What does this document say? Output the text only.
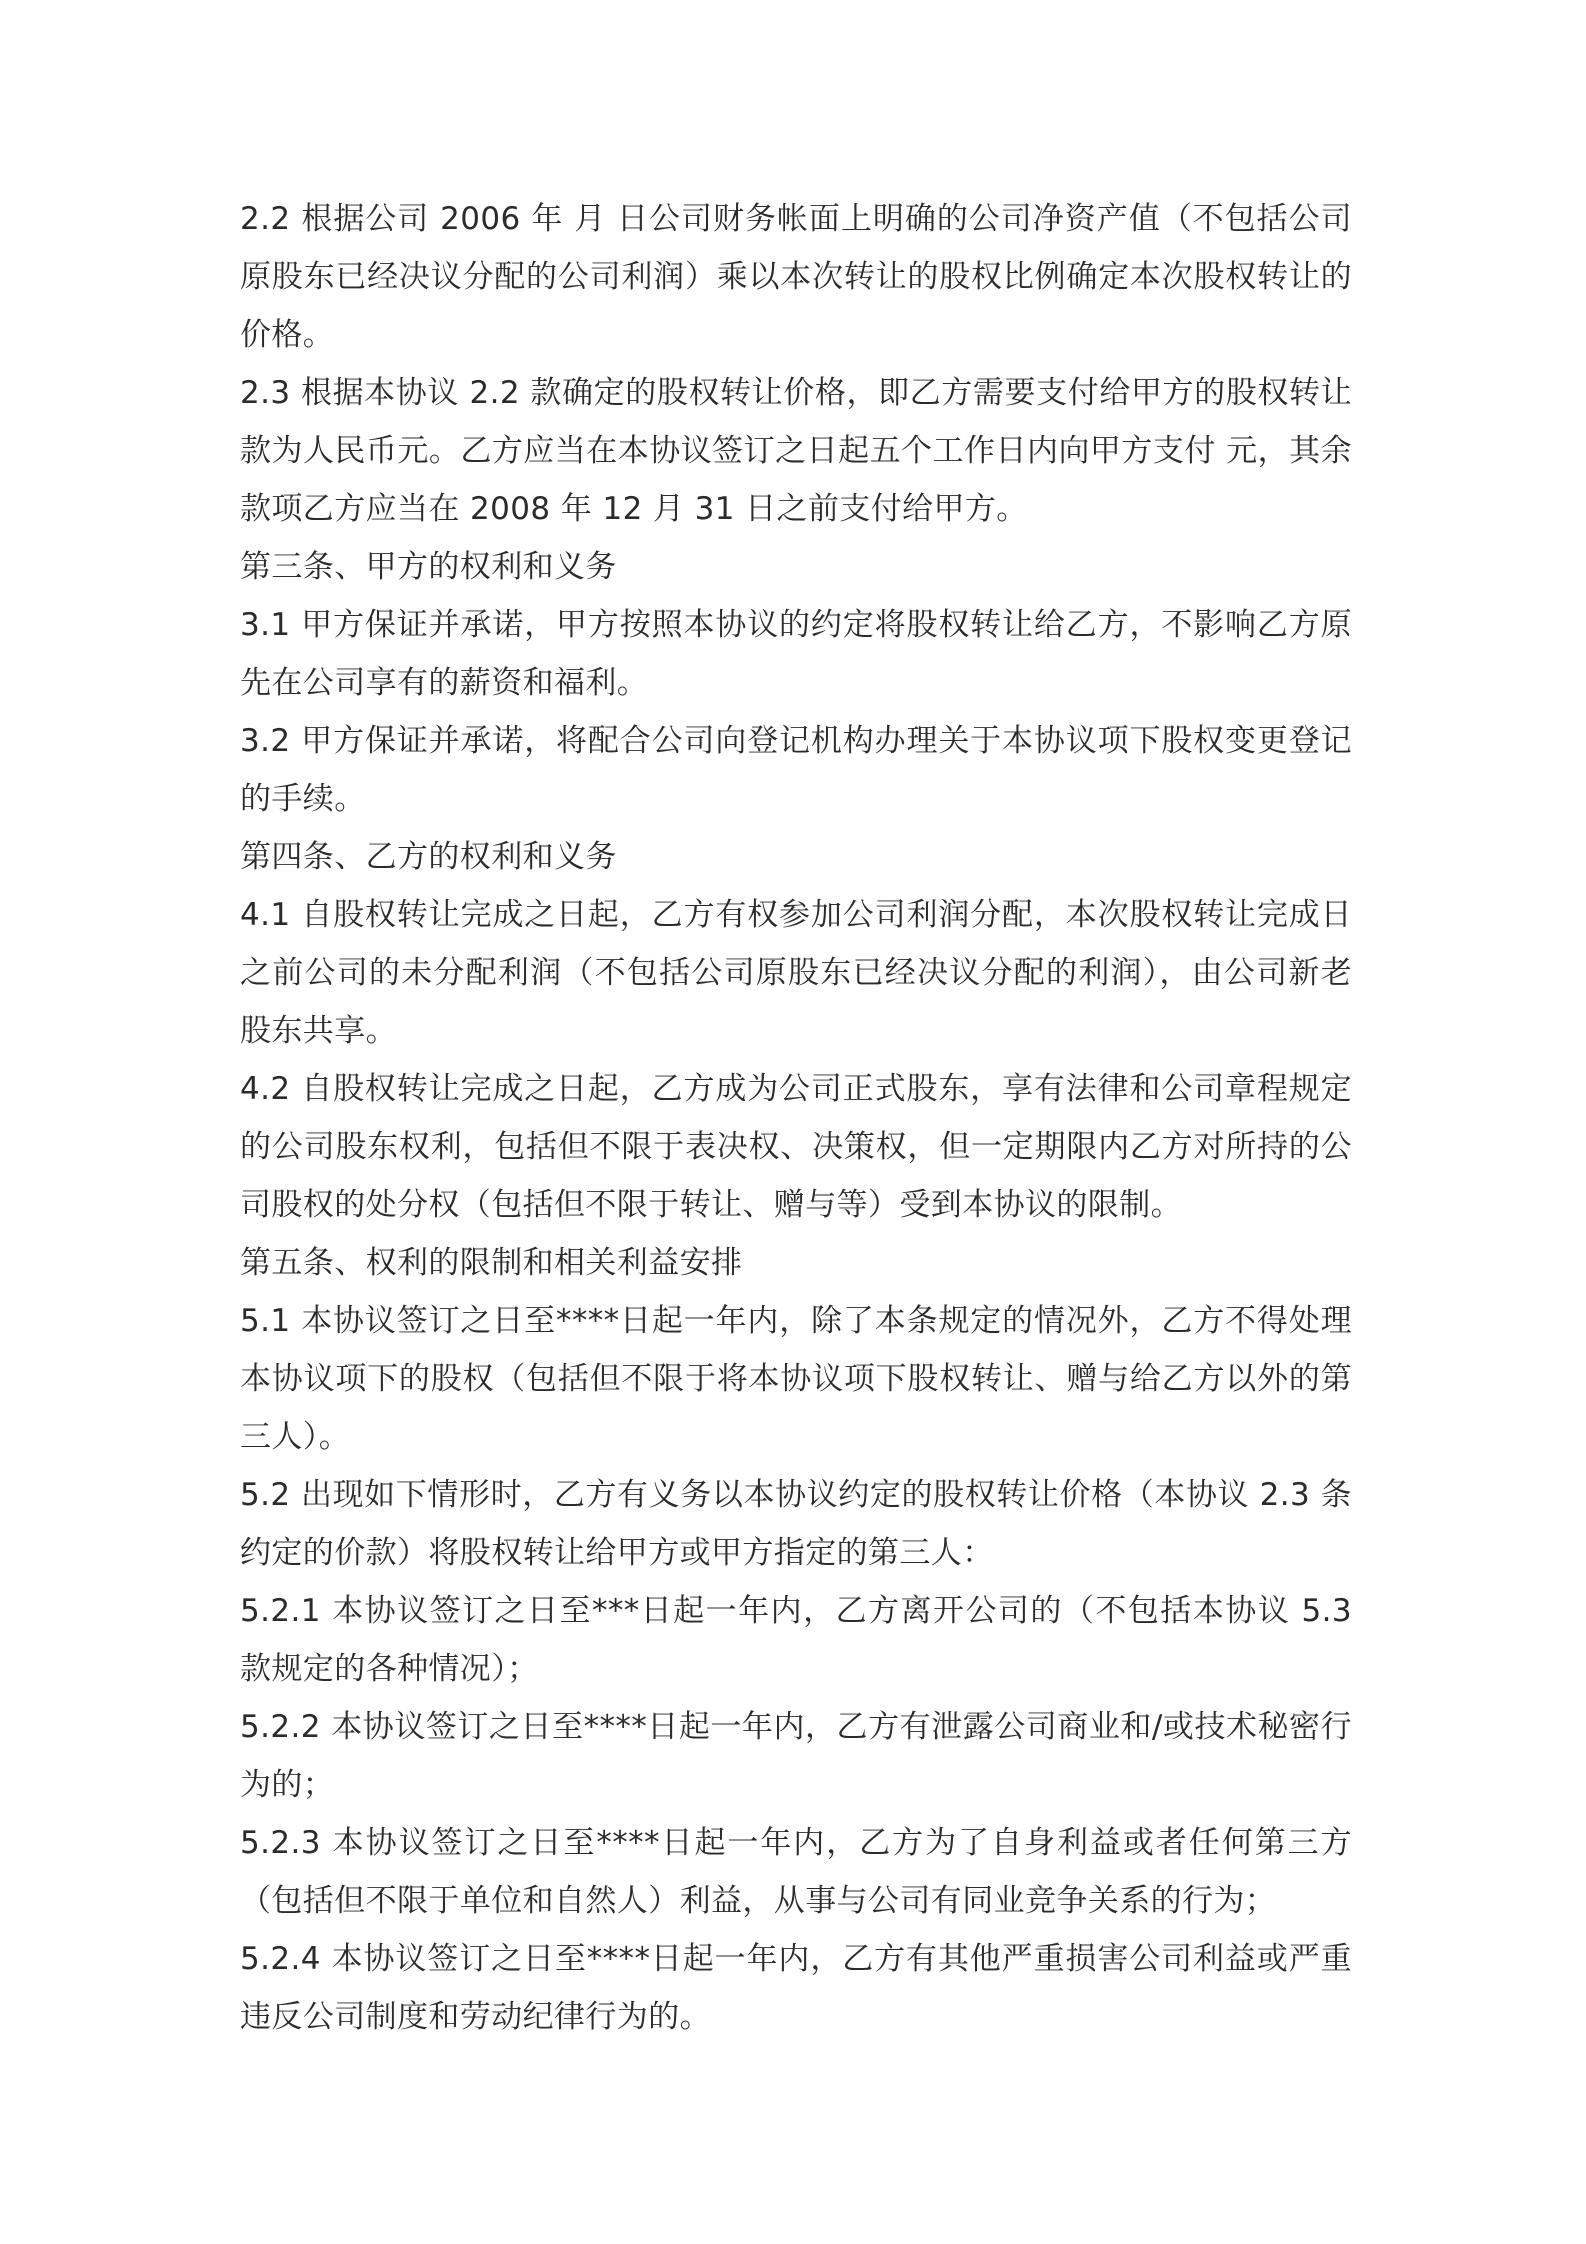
2.2 根据公司 2006 年 月 日公司财务帐面上明确的公司净资产值（不包括公司原股东已经决议分配的公司利润）乘以本次转让的股权比例确定本次股权转让的价格。

2.3 根据本协议 2.2 款确定的股权转让价格，即乙方需要支付给甲方的股权转让款为人民币元。乙方应当在本协议签订之日起五个工作日内向甲方支付 元，其余款项乙方应当在 2008 年 12 月 31 日之前支付给甲方。

第三条、甲方的权利和义务

3.1 甲方保证并承诺，甲方按照本协议的约定将股权转让给乙方，不影响乙方原先在公司享有的薪资和福利。

3.2 甲方保证并承诺，将配合公司向登记机构办理关于本协议项下股权变更登记的手续。

第四条、乙方的权利和义务

4.1 自股权转让完成之日起，乙方有权参加公司利润分配，本次股权转让完成日之前公司的未分配利润（不包括公司原股东已经决议分配的利润），由公司新老股东共享。

4.2 自股权转让完成之日起，乙方成为公司正式股东，享有法律和公司章程规定的公司股东权利，包括但不限于表决权、决策权，但一定期限内乙方对所持的公司股权的处分权（包括但不限于转让、赠与等）受到本协议的限制。

第五条、权利的限制和相关利益安排

5.1 本协议签订之日至****日起一年内，除了本条规定的情况外，乙方不得处理本协议项下的股权（包括但不限于将本协议项下股权转让、赠与给乙方以外的第三人）。

5.2 出现如下情形时，乙方有义务以本协议约定的股权转让价格（本协议 2.3 条约定的价款）将股权转让给甲方或甲方指定的第三人：

5.2.1 本协议签订之日至***日起一年内，乙方离开公司的（不包括本协议 5.3 款规定的各种情况）；

5.2.2 本协议签订之日至****日起一年内，乙方有泄露公司商业和/或技术秘密行为的；

5.2.3 本协议签订之日至****日起一年内，乙方为了自身利益或者任何第三方（包括但不限于单位和自然人）利益，从事与公司有同业竞争关系的行为；

5.2.4 本协议签订之日至****日起一年内，乙方有其他严重损害公司利益或严重违反公司制度和劳动纪律行为的。
